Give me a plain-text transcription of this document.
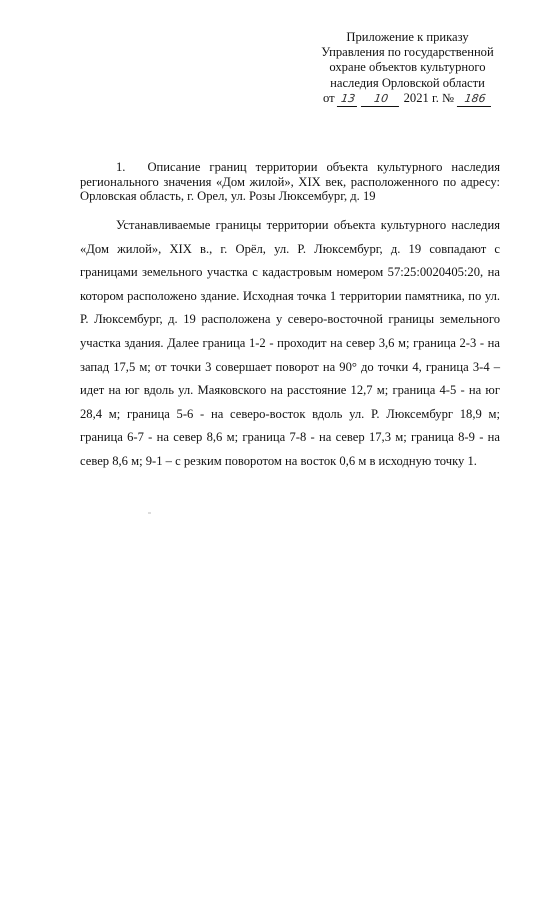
Приложение к приказу
Управления по государственной
охране объектов культурного
наследия Орловской области
от 13	10	2021 г. № 186
1. Описание границ территории объекта культурного наследия регионального значения «Дом жилой», XIX век, расположенного по адресу: Орловская область, г. Орел, ул. Розы Люксембург, д. 19
Устанавливаемые границы территории объекта культурного наследия «Дом жилой», XIX в., г. Орёл, ул. Р. Люксембург, д. 19 совпадают с границами земельного участка с кадастровым номером 57:25:0020405:20, на котором расположено здание. Исходная точка 1 территории памятника, по ул. Р. Люксембург, д. 19 расположена у северо-восточной границы земельного участка здания. Далее граница 1-2 - проходит на север 3,6 м; граница 2-3 - на запад 17,5 м; от точки 3 совершает поворот на 90° до точки 4, граница 3-4 – идет на юг вдоль ул. Маяковского на расстояние 12,7 м; граница 4-5 - на юг 28,4 м; граница 5-6 - на северо-восток вдоль ул. Р. Люксембург 18,9 м; граница 6-7 - на север 8,6 м; граница 7-8 - на север 17,3 м; граница 8-9 - на север 8,6 м; 9-1 – с резким поворотом на восток 0,6 м в исходную точку 1.
